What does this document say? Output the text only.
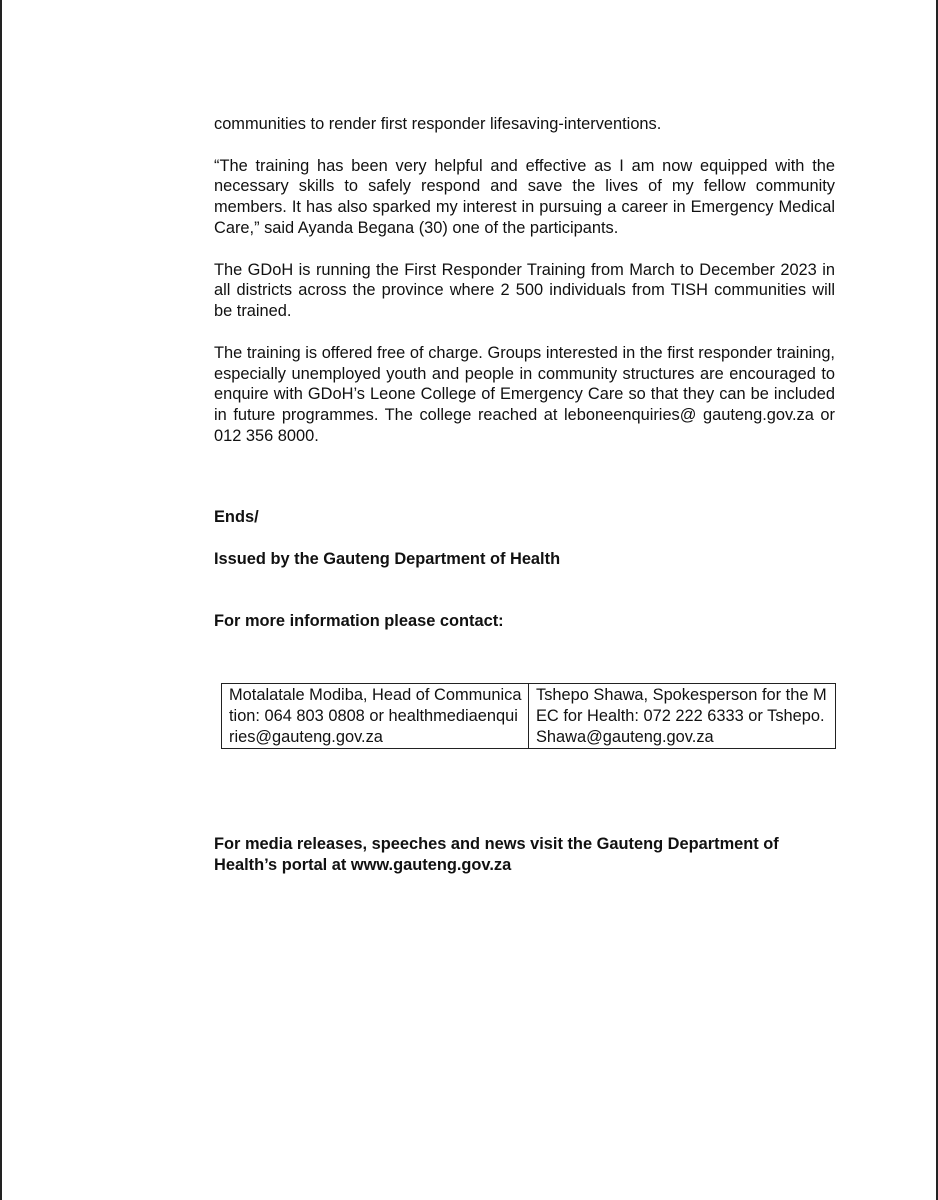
communities to render first responder lifesaving-interventions.

“The training has been very helpful and effective as I am now equipped with the necessary skills to safely respond and save the lives of my fellow community members. It has also sparked my interest in pursuing a career in Emergency Medical Care,” said Ayanda Begana (30) one of the participants.

The GDoH is running the First Responder Training from March to December 2023 in all districts across the province where 2 500 individuals from TISH communities will be trained.

The training is offered free of charge. Groups interested in the first responder training, especially unemployed youth and people in community structures are encouraged to enquire with GDoH’s Leone College of Emergency Care so that they can be included in future programmes. The college reached at leboneenquiries@ gauteng.gov.za or 012 356 8000.

Ends/

Issued by the Gauteng Department of Health

For more information please contact:

Motalatale Modiba, Head of Communication: 064 803 0808 or healthmediaenquiries@gauteng.gov.za	Tshepo Shawa, Spokesperson for the MEC for Health: 072 222 6333 or Tshepo.Shawa@gauteng.gov.za
For media releases, speeches and news visit the Gauteng Department of Health’s portal at www.gauteng.gov.za
